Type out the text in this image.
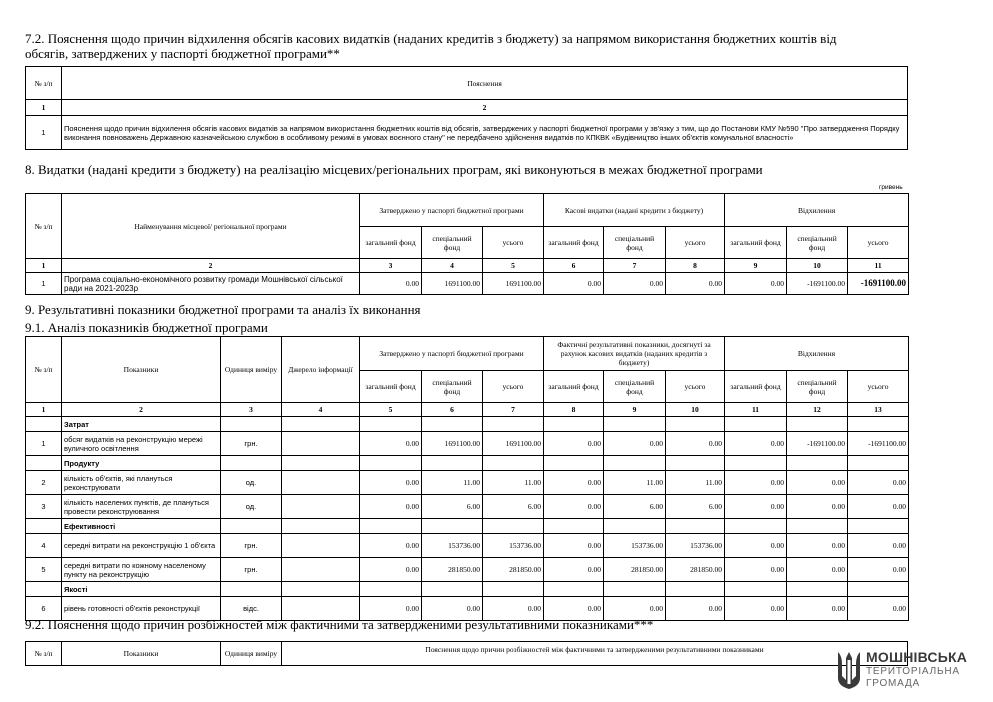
7.2. Пояснення щодо причин відхилення обсягів касових видатків (наданих кредитів з бюджету) за напрямом використання бюджетних коштів від
обсягів, затверджених у паспорті бюджетної програми**
№ з/п	Пояснення
1	2
1	Пояснення щодо причин відхилення обсягів касових видатків за напрямом використання бюджетних коштів від обсягів, затверджених у паспорті бюджетної програми у зв'язку з тим, що до Постанови КМУ №590 "Про затвердження Порядку виконання повноважень Державною казначейською службою в особливому режимі в умовах воєнного стану" не передбачено здійснення видатків по КПКВК «Будівництво інших об'єктів комунальної власності»
8. Видатки (надані кредити з бюджету) на реалізацію місцевих/регіональних програм, які виконуються в межах бюджетної програми
гривень
№ з/п	Найменування місцевої/ регіональної програми	Затверджено у паспорті бюджетної програми			Касові видатки (надані кредити з бюджету)			Відхилення		
		загальний фонд	спеціальний фонд	усього	загальний фонд	спеціальний фонд	усього	загальний фонд	спеціальний фонд	усього
1	2	3	4	5	6	7	8	9	10	11
1	Програма соціально-економічного розвитку громади Мошнівської сільської ради на 2021-2023р	0.00	1691100.00	1691100.00	0.00	0.00	0.00	0.00	-1691100.00	-1691100.00
9. Результативні показники бюджетної програми та аналіз їх виконання
9.1. Аналіз показників бюджетної програми
№ з/п	Показники	Одиниця виміру	Джерело інформації	Затверджено у паспорті бюджетної програми			Фактичні результативні показники, досягнуті за рахунок касових видатків (наданих кредитів з бюджету)			Відхилення		
				загальний фонд	спеціальний фонд	усього	загальний фонд	спеціальний фонд	усього	загальний фонд	спеціальний фонд	усього
1	2	3	4	5	6	7	8	9	10	11	12	13
	Затрат											
1	обсяг видатків на реконструкцію мережі вуличного освітлення	грн.		0.00	1691100.00	1691100.00	0.00	0.00	0.00	0.00	-1691100.00	-1691100.00
	Продукту											
2	кількість об'єктів, які плануться реконструювати	од.		0.00	11.00	11.00	0.00	11.00	11.00	0.00	0.00	0.00
3	кількість населених пунктів, де плануться провести реконструювання	од.		0.00	6.00	6.00	0.00	6.00	6.00	0.00	0.00	0.00
	Ефективності											
4	середні витрати на реконструкцію 1 об'єкта	грн.		0.00	153736.00	153736.00	0.00	153736.00	153736.00	0.00	0.00	0.00
5	середні витрати по кожному населеному пункту на реконструкцію	грн.		0.00	281850.00	281850.00	0.00	281850.00	281850.00	0.00	0.00	0.00
	Якості											
6	рівень готовності об'єктів реконструкції	відс.		0.00	0.00	0.00	0.00	0.00	0.00	0.00	0.00	0.00
9.2. Пояснення щодо причин розбіжностей між фактичними та затвердженими результативними показниками***
№ з/п	Показники	Одиниця виміру	Пояснення щодо причин розбіжностей між фактичними та затвердженими результативними показниками	МОШНІВСЬКА
ТЕРИТОРІАЛЬНА
ГРОМАДА
